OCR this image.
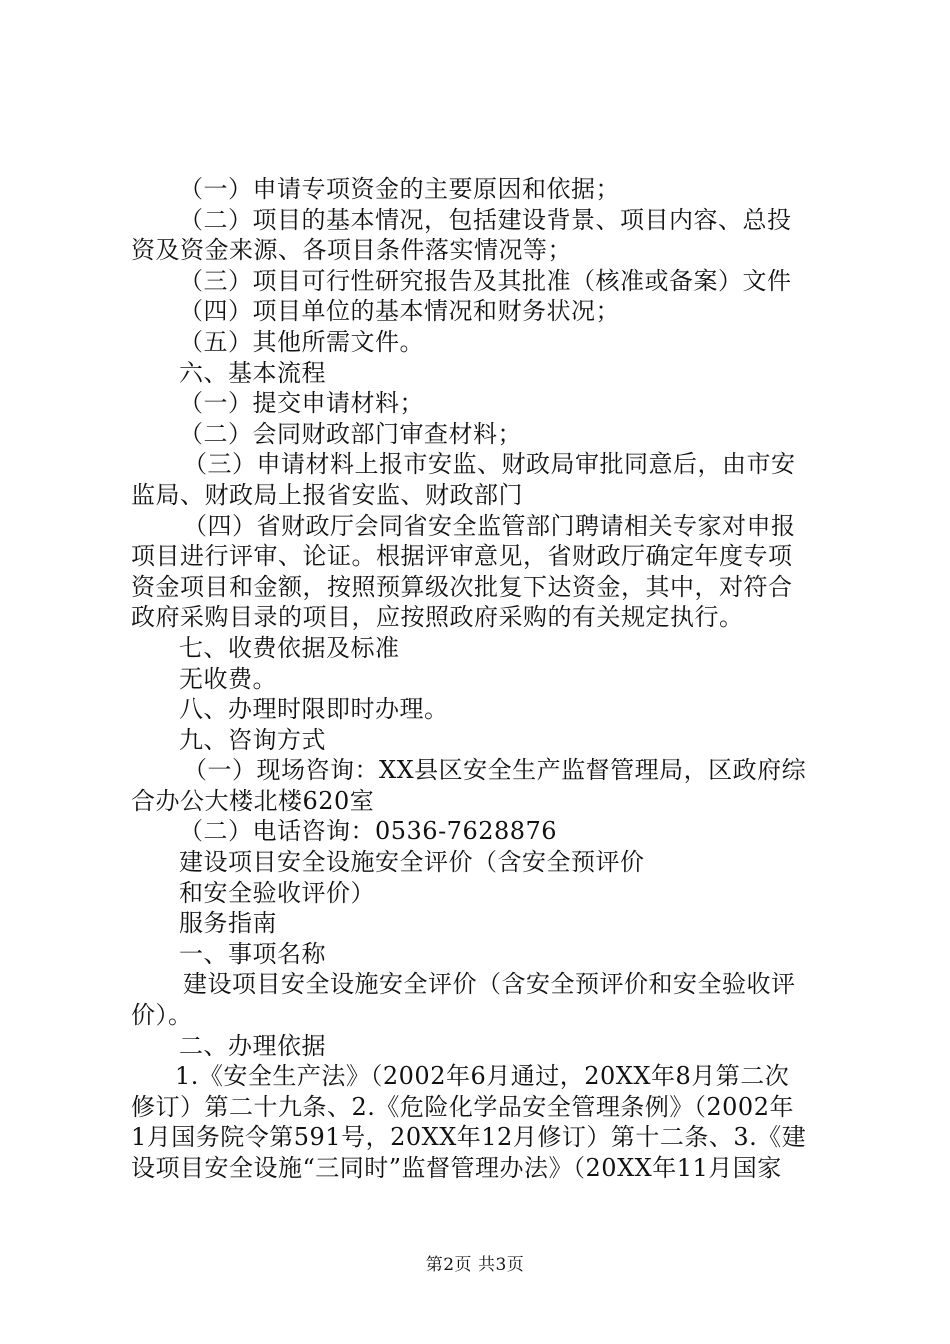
（一）申请专项资金的主要原因和依据；
（二）项目的基本情况，包括建设背景、项目内容、总投
资及资金来源、各项目条件落实情况等；
（三）项目可行性研究报告及其批准（核准或备案）文件
（四）项目单位的基本情况和财务状况；
（五）其他所需文件。
六、基本流程
（一）提交申请材料；
（二）会同财政部门审查材料；
（三）申请材料上报市安监、财政局审批同意后，由市安
监局、财政局上报省安监、财政部门
（四）省财政厅会同省安全监管部门聘请相关专家对申报
项目进行评审、论证。根据评审意见，省财政厅确定年度专项
资金项目和金额，按照预算级次批复下达资金，其中，对符合
政府采购目录的项目，应按照政府采购的有关规定执行。
七、收费依据及标准
无收费。
八、办理时限即时办理。
九、咨询方式
（一）现场咨询：XX县区安全生产监督管理局，区政府综
合办公大楼北楼620室
（二）电话咨询：0536-7628876
建设项目安全设施安全评价（含安全预评价
和安全验收评价）
服务指南
一、事项名称
建设项目安全设施安全评价（含安全预评价和安全验收评
价）。
二、办理依据
1.《安全生产法》（2002年6月通过，20XX年8月第二次
修订）第二十九条、2.《危险化学品安全管理条例》（2002年
1月国务院令第591号，20XX年12月修订）第十二条、3.《建
设项目安全设施“三同时”监督管理办法》（20XX年11月国家
第2页 共3页
